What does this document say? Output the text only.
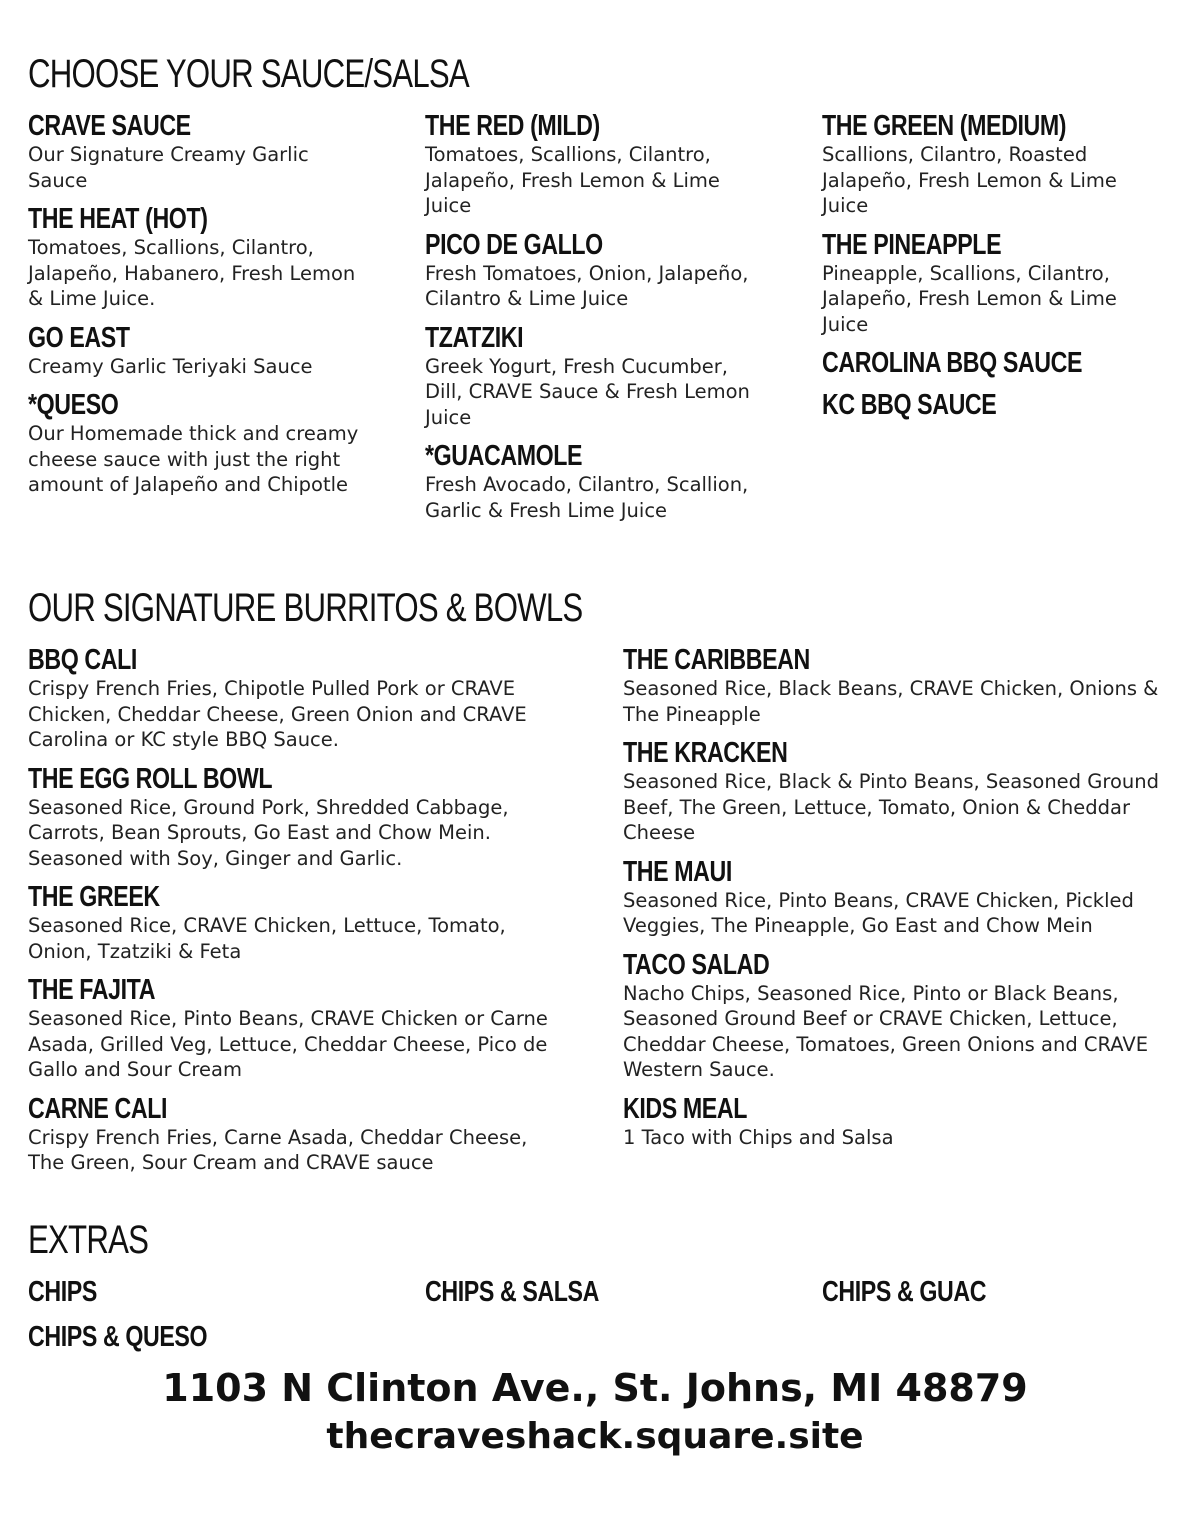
CHOOSE YOUR SAUCE/SALSA
CRAVE SAUCE
Our Signature Creamy Garlic Sauce
THE HEAT (HOT)
Tomatoes, Scallions, Cilantro, Jalapeño, Habanero, Fresh Lemon & Lime Juice.
GO EAST
Creamy Garlic Teriyaki Sauce
*QUESO
Our Homemade thick and creamy cheese sauce with just the right amount of Jalapeño and Chipotle
THE RED (MILD)
Tomatoes, Scallions, Cilantro, Jalapeño, Fresh Lemon & Lime Juice
PICO DE GALLO
Fresh Tomatoes, Onion, Jalapeño, Cilantro & Lime Juice
TZATZIKI
Greek Yogurt, Fresh Cucumber, Dill, CRAVE Sauce & Fresh Lemon Juice
*GUACAMOLE
Fresh Avocado, Cilantro, Scallion, Garlic & Fresh Lime Juice
THE GREEN (MEDIUM)
Scallions, Cilantro, Roasted Jalapeño, Fresh Lemon & Lime Juice
THE PINEAPPLE
Pineapple, Scallions, Cilantro, Jalapeño, Fresh Lemon & Lime Juice
CAROLINA BBQ SAUCE
KC BBQ SAUCE
OUR SIGNATURE BURRITOS & BOWLS
BBQ CALI
Crispy French Fries, Chipotle Pulled Pork or CRAVE Chicken, Cheddar Cheese, Green Onion and CRAVE Carolina or KC style BBQ Sauce.
THE EGG ROLL BOWL
Seasoned Rice, Ground Pork, Shredded Cabbage, Carrots, Bean Sprouts, Go East and Chow Mein. Seasoned with Soy, Ginger and Garlic.
THE GREEK
Seasoned Rice, CRAVE Chicken, Lettuce, Tomato, Onion, Tzatziki & Feta
THE FAJITA
Seasoned Rice, Pinto Beans, CRAVE Chicken or Carne Asada, Grilled Veg, Lettuce, Cheddar Cheese, Pico de Gallo and Sour Cream
CARNE CALI
Crispy French Fries, Carne Asada, Cheddar Cheese, The Green, Sour Cream and CRAVE sauce
THE CARIBBEAN
Seasoned Rice, Black Beans, CRAVE Chicken, Onions & The Pineapple
THE KRACKEN
Seasoned Rice, Black & Pinto Beans, Seasoned Ground Beef, The Green, Lettuce, Tomato, Onion & Cheddar Cheese
THE MAUI
Seasoned Rice, Pinto Beans, CRAVE Chicken, Pickled Veggies, The Pineapple, Go East and Chow Mein
TACO SALAD
Nacho Chips, Seasoned Rice, Pinto or Black Beans, Seasoned Ground Beef or CRAVE Chicken, Lettuce, Cheddar Cheese, Tomatoes, Green Onions and CRAVE Western Sauce.
KIDS MEAL
1 Taco with Chips and Salsa
EXTRAS
CHIPS	CHIPS & SALSA	CHIPS & GUAC
CHIPS & QUESO
1103 N Clinton Ave., St. Johns, MI 48879
thecraveshack.square.site
